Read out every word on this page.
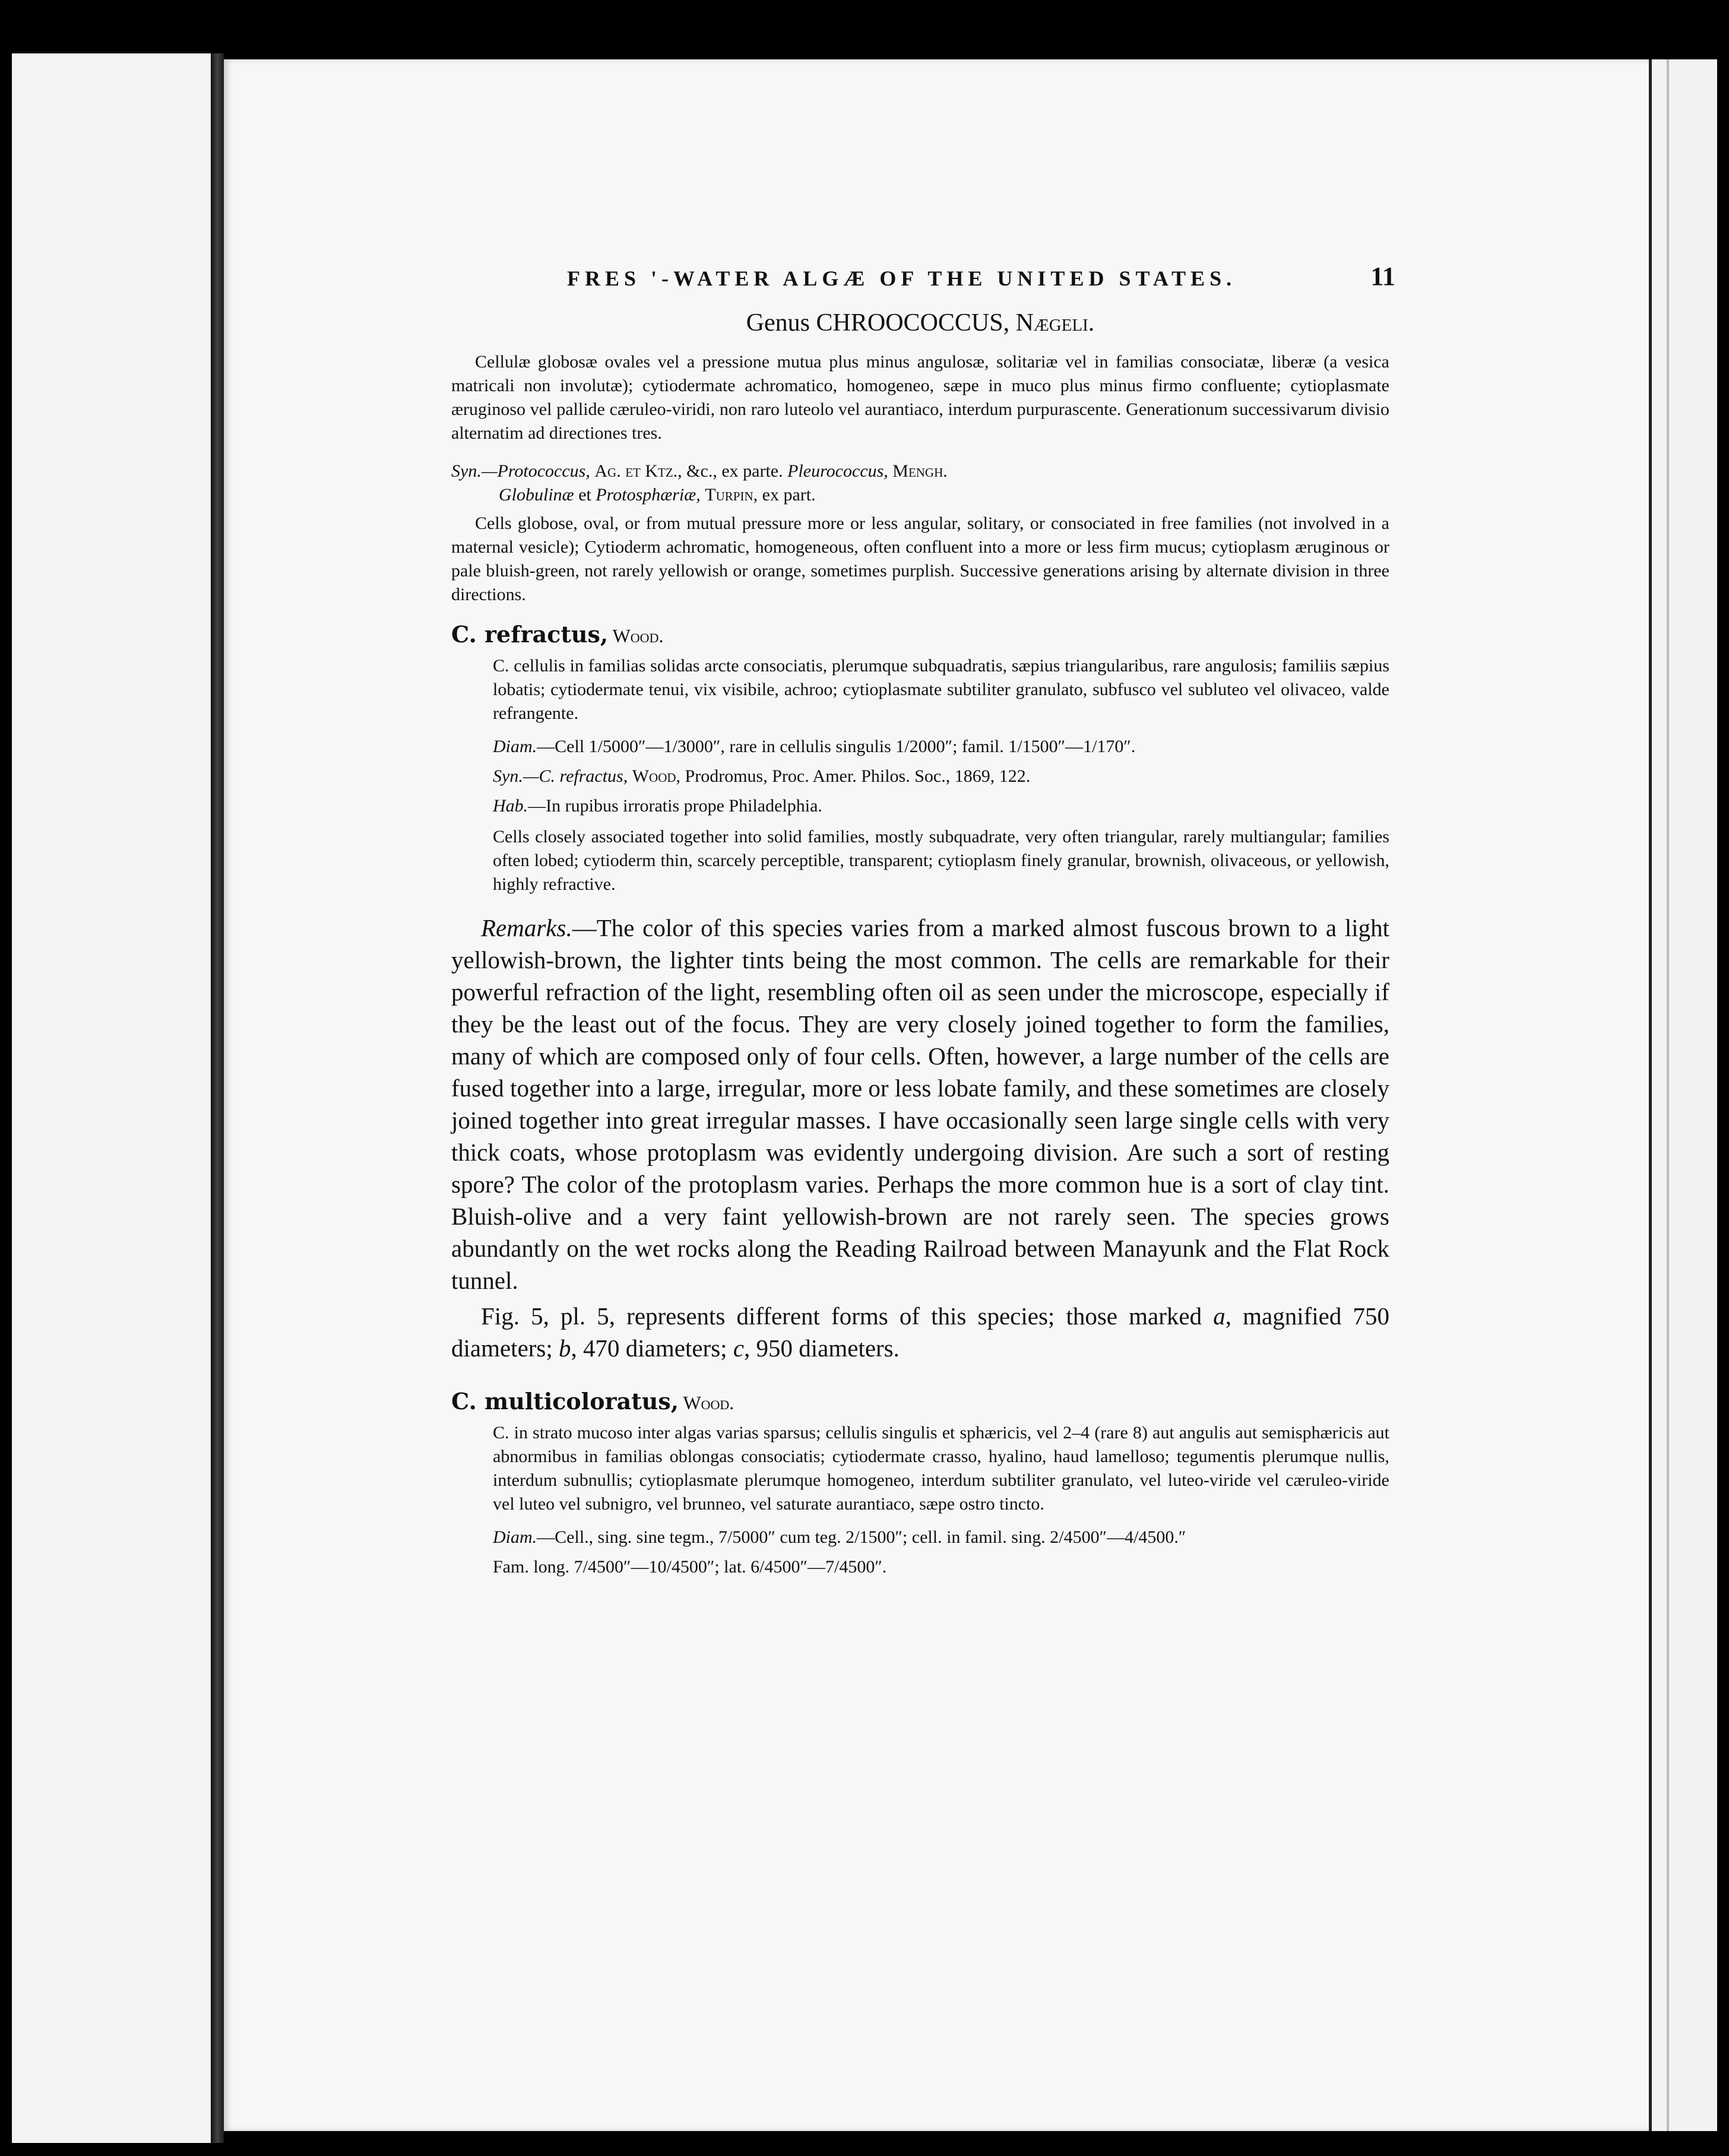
FRES '-WATER ALGÆ OF THE UNITED STATES.	11
Genus CHROOCOCCUS, Nægeli.

Cellulæ globosæ ovales vel a pressione mutua plus minus angulosæ, solitariæ vel in familias consociatæ, liberæ (a vesica matricali non involutæ); cytiodermate achromatico, homogeneo, sæpe in muco plus minus firmo confluente; cytioplasmate æruginoso vel pallide cæruleo-viridi, non raro luteolo vel aurantiaco, interdum purpurascente. Generationum successivarum divisio alternatim ad directiones tres.

Syn.—Protococcus, Ag. et Ktz., &c., ex parte. Pleurococcus, Mengh.
Globulinæ et Protosphæriæ, Turpin, ex part.

Cells globose, oval, or from mutual pressure more or less angular, solitary, or consociated in free families (not involved in a maternal vesicle); Cytioderm achromatic, homogeneous, often confluent into a more or less firm mucus; cytioplasm æruginous or pale bluish-green, not rarely yellowish or orange, sometimes purplish. Successive generations arising by alternate division in three directions.

C. refractus, Wood.

C. cellulis in familias solidas arcte consociatis, plerumque subquadratis, sæpius triangularibus, rare angulosis; familiis sæpius lobatis; cytiodermate tenui, vix visibile, achroo; cytioplasmate subtiliter granulato, subfusco vel subluteo vel olivaceo, valde refrangente.

Diam.—Cell 1/5000″—1/3000″, rare in cellulis singulis 1/2000″; famil. 1/1500″—1/170″.

Syn.—C. refractus, Wood, Prodromus, Proc. Amer. Philos. Soc., 1869, 122.

Hab.—In rupibus irroratis prope Philadelphia.

Cells closely associated together into solid families, mostly subquadrate, very often triangular, rarely multiangular; families often lobed; cytioderm thin, scarcely perceptible, transparent; cytioplasm finely granular, brownish, olivaceous, or yellowish, highly refractive.

Remarks.—The color of this species varies from a marked almost fuscous brown to a light yellowish-brown, the lighter tints being the most common. The cells are remarkable for their powerful refraction of the light, resembling often oil as seen under the microscope, especially if they be the least out of the focus. They are very closely joined together to form the families, many of which are composed only of four cells. Often, however, a large number of the cells are fused together into a large, irregular, more or less lobate family, and these sometimes are closely joined together into great irregular masses. I have occasionally seen large single cells with very thick coats, whose protoplasm was evidently undergoing division. Are such a sort of resting spore? The color of the protoplasm varies. Perhaps the more common hue is a sort of clay tint. Bluish-olive and a very faint yellowish-brown are not rarely seen. The species grows abundantly on the wet rocks along the Reading Railroad between Manayunk and the Flat Rock tunnel.

Fig. 5, pl. 5, represents different forms of this species; those marked a, magnified 750 diameters; b, 470 diameters; c, 950 diameters.

C. multicoloratus, Wood.

C. in strato mucoso inter algas varias sparsus; cellulis singulis et sphæricis, vel 2–4 (rare 8) aut angulis aut semisphæricis aut abnormibus in familias oblongas consociatis; cytiodermate crasso, hyalino, haud lamelloso; tegumentis plerumque nullis, interdum subnullis; cytioplasmate plerumque homogeneo, interdum subtiliter granulato, vel luteo-viride vel cæruleo-viride vel luteo vel subnigro, vel brunneo, vel saturate aurantiaco, sæpe ostro tincto.

Diam.—Cell., sing. sine tegm., 7/5000″ cum teg. 2/1500″; cell. in famil. sing. 2/4500″—4/4500.″

Fam. long. 7/4500″—10/4500″; lat. 6/4500″—7/4500″.
